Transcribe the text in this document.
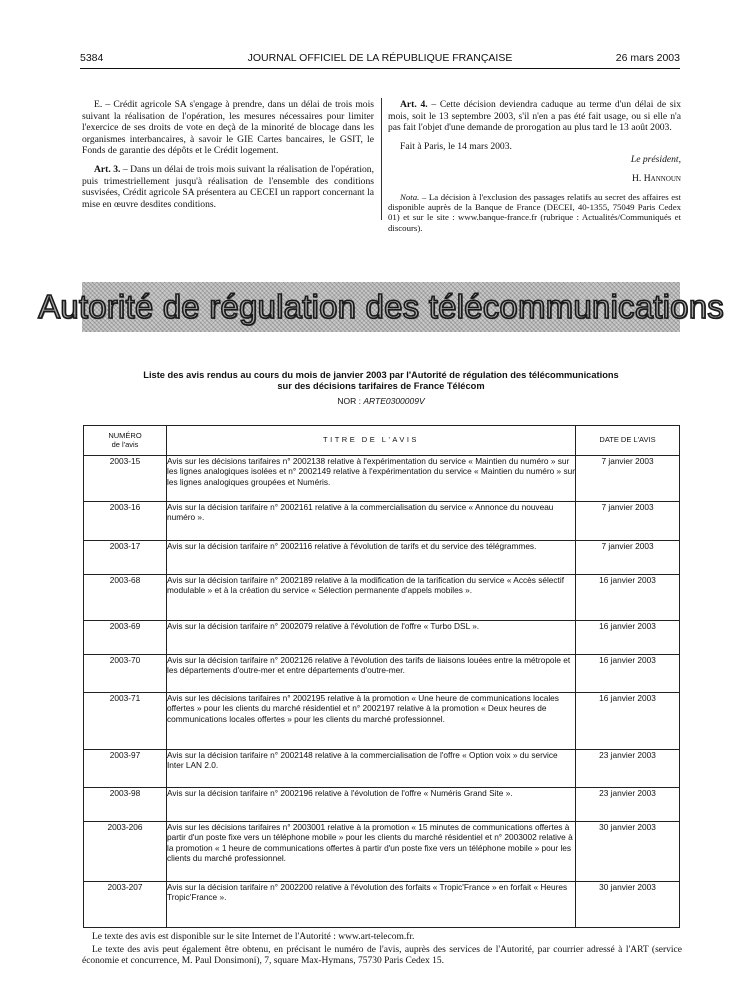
5384	JOURNAL OFFICIEL DE LA RÉPUBLIQUE FRANÇAISE	26 mars 2003

E. – Crédit agricole SA s'engage à prendre, dans un délai de trois mois suivant la réalisation de l'opération, les mesures nécessaires pour limiter l'exercice de ses droits de vote en deçà de la minorité de blocage dans les organismes interbancaires, à savoir le GIE Cartes bancaires, le GSIT, le Fonds de garantie des dépôts et le Crédit logement.

Art. 3. – Dans un délai de trois mois suivant la réalisation de l'opération, puis trimestriellement jusqu'à réalisation de l'ensemble des conditions susvisées, Crédit agricole SA présentera au CECEI un rapport concernant la mise en œuvre desdites conditions.

Art. 4. – Cette décision deviendra caduque au terme d'un délai de six mois, soit le 13 septembre 2003, s'il n'en a pas été fait usage, ou si elle n'a pas fait l'objet d'une demande de prorogation au plus tard le 13 août 2003.

Fait à Paris, le 14 mars 2003.

Le président,

H. Hannoun

Nota. – La décision à l'exclusion des passages relatifs au secret des affaires est disponible auprès de la Banque de France (DECEI, 40-1355, 75049 Paris Cedex 01) et sur le site : www.banque-france.fr (rubrique : Actualités/Communiqués et discours).

Autorité de régulation des télécommunications
Liste des avis rendus au cours du mois de janvier 2003 par l'Autorité de régulation des télécommunications
sur des décisions tarifaires de France Télécom
NOR : ARTE0300009V
NUMÉRO
de l'avis	TITRE DE L'AVIS	DATE DE L'AVIS
2003-15	Avis sur les décisions tarifaires n° 2002138 relative à l'expérimentation du service « Maintien du numéro » sur les lignes analogiques isolées et n° 2002149 relative à l'expérimentation du service « Maintien du numéro » sur les lignes analogiques groupées et Numéris.	7 janvier 2003
2003-16	Avis sur la décision tarifaire n° 2002161 relative à la commercialisation du service « Annonce du nouveau numéro ».	7 janvier 2003
2003-17	Avis sur la décision tarifaire n° 2002116 relative à l'évolution de tarifs et du service des télégrammes.	7 janvier 2003
2003-68	Avis sur la décision tarifaire n° 2002189 relative à la modification de la tarification du service « Accès sélectif modulable » et à la création du service « Sélection permanente d'appels mobiles ».	16 janvier 2003
2003-69	Avis sur la décision tarifaire n° 2002079 relative à l'évolution de l'offre « Turbo DSL ».	16 janvier 2003
2003-70	Avis sur la décision tarifaire n° 2002126 relative à l'évolution des tarifs de liaisons louées entre la métropole et les départements d'outre-mer et entre départements d'outre-mer.	16 janvier 2003
2003-71	Avis sur les décisions tarifaires n° 2002195 relative à la promotion « Une heure de communications locales offertes » pour les clients du marché résidentiel et n° 2002197 relative à la promotion « Deux heures de communications locales offertes » pour les clients du marché professionnel.	16 janvier 2003
2003-97	Avis sur la décision tarifaire n° 2002148 relative à la commercialisation de l'offre « Option voix » du service Inter LAN 2.0.	23 janvier 2003
2003-98	Avis sur la décision tarifaire n° 2002196 relative à l'évolution de l'offre « Numéris Grand Site ».	23 janvier 2003
2003-206	Avis sur les décisions tarifaires n° 2003001 relative à la promotion « 15 minutes de communications offertes à partir d'un poste fixe vers un téléphone mobile » pour les clients du marché résidentiel et n° 2003002 relative à la promotion « 1 heure de communications offertes à partir d'un poste fixe vers un téléphone mobile » pour les clients du marché professionnel.	30 janvier 2003
2003-207	Avis sur la décision tarifaire n° 2002200 relative à l'évolution des forfaits « Tropic'France » en forfait « Heures Tropic'France ».	30 janvier 2003

Le texte des avis est disponible sur le site Internet de l'Autorité : www.art-telecom.fr.

Le texte des avis peut également être obtenu, en précisant le numéro de l'avis, auprès des services de l'Autorité, par courrier adressé à l'ART (service économie et concurrence, M. Paul Donsimoni), 7, square Max-Hymans, 75730 Paris Cedex 15.
